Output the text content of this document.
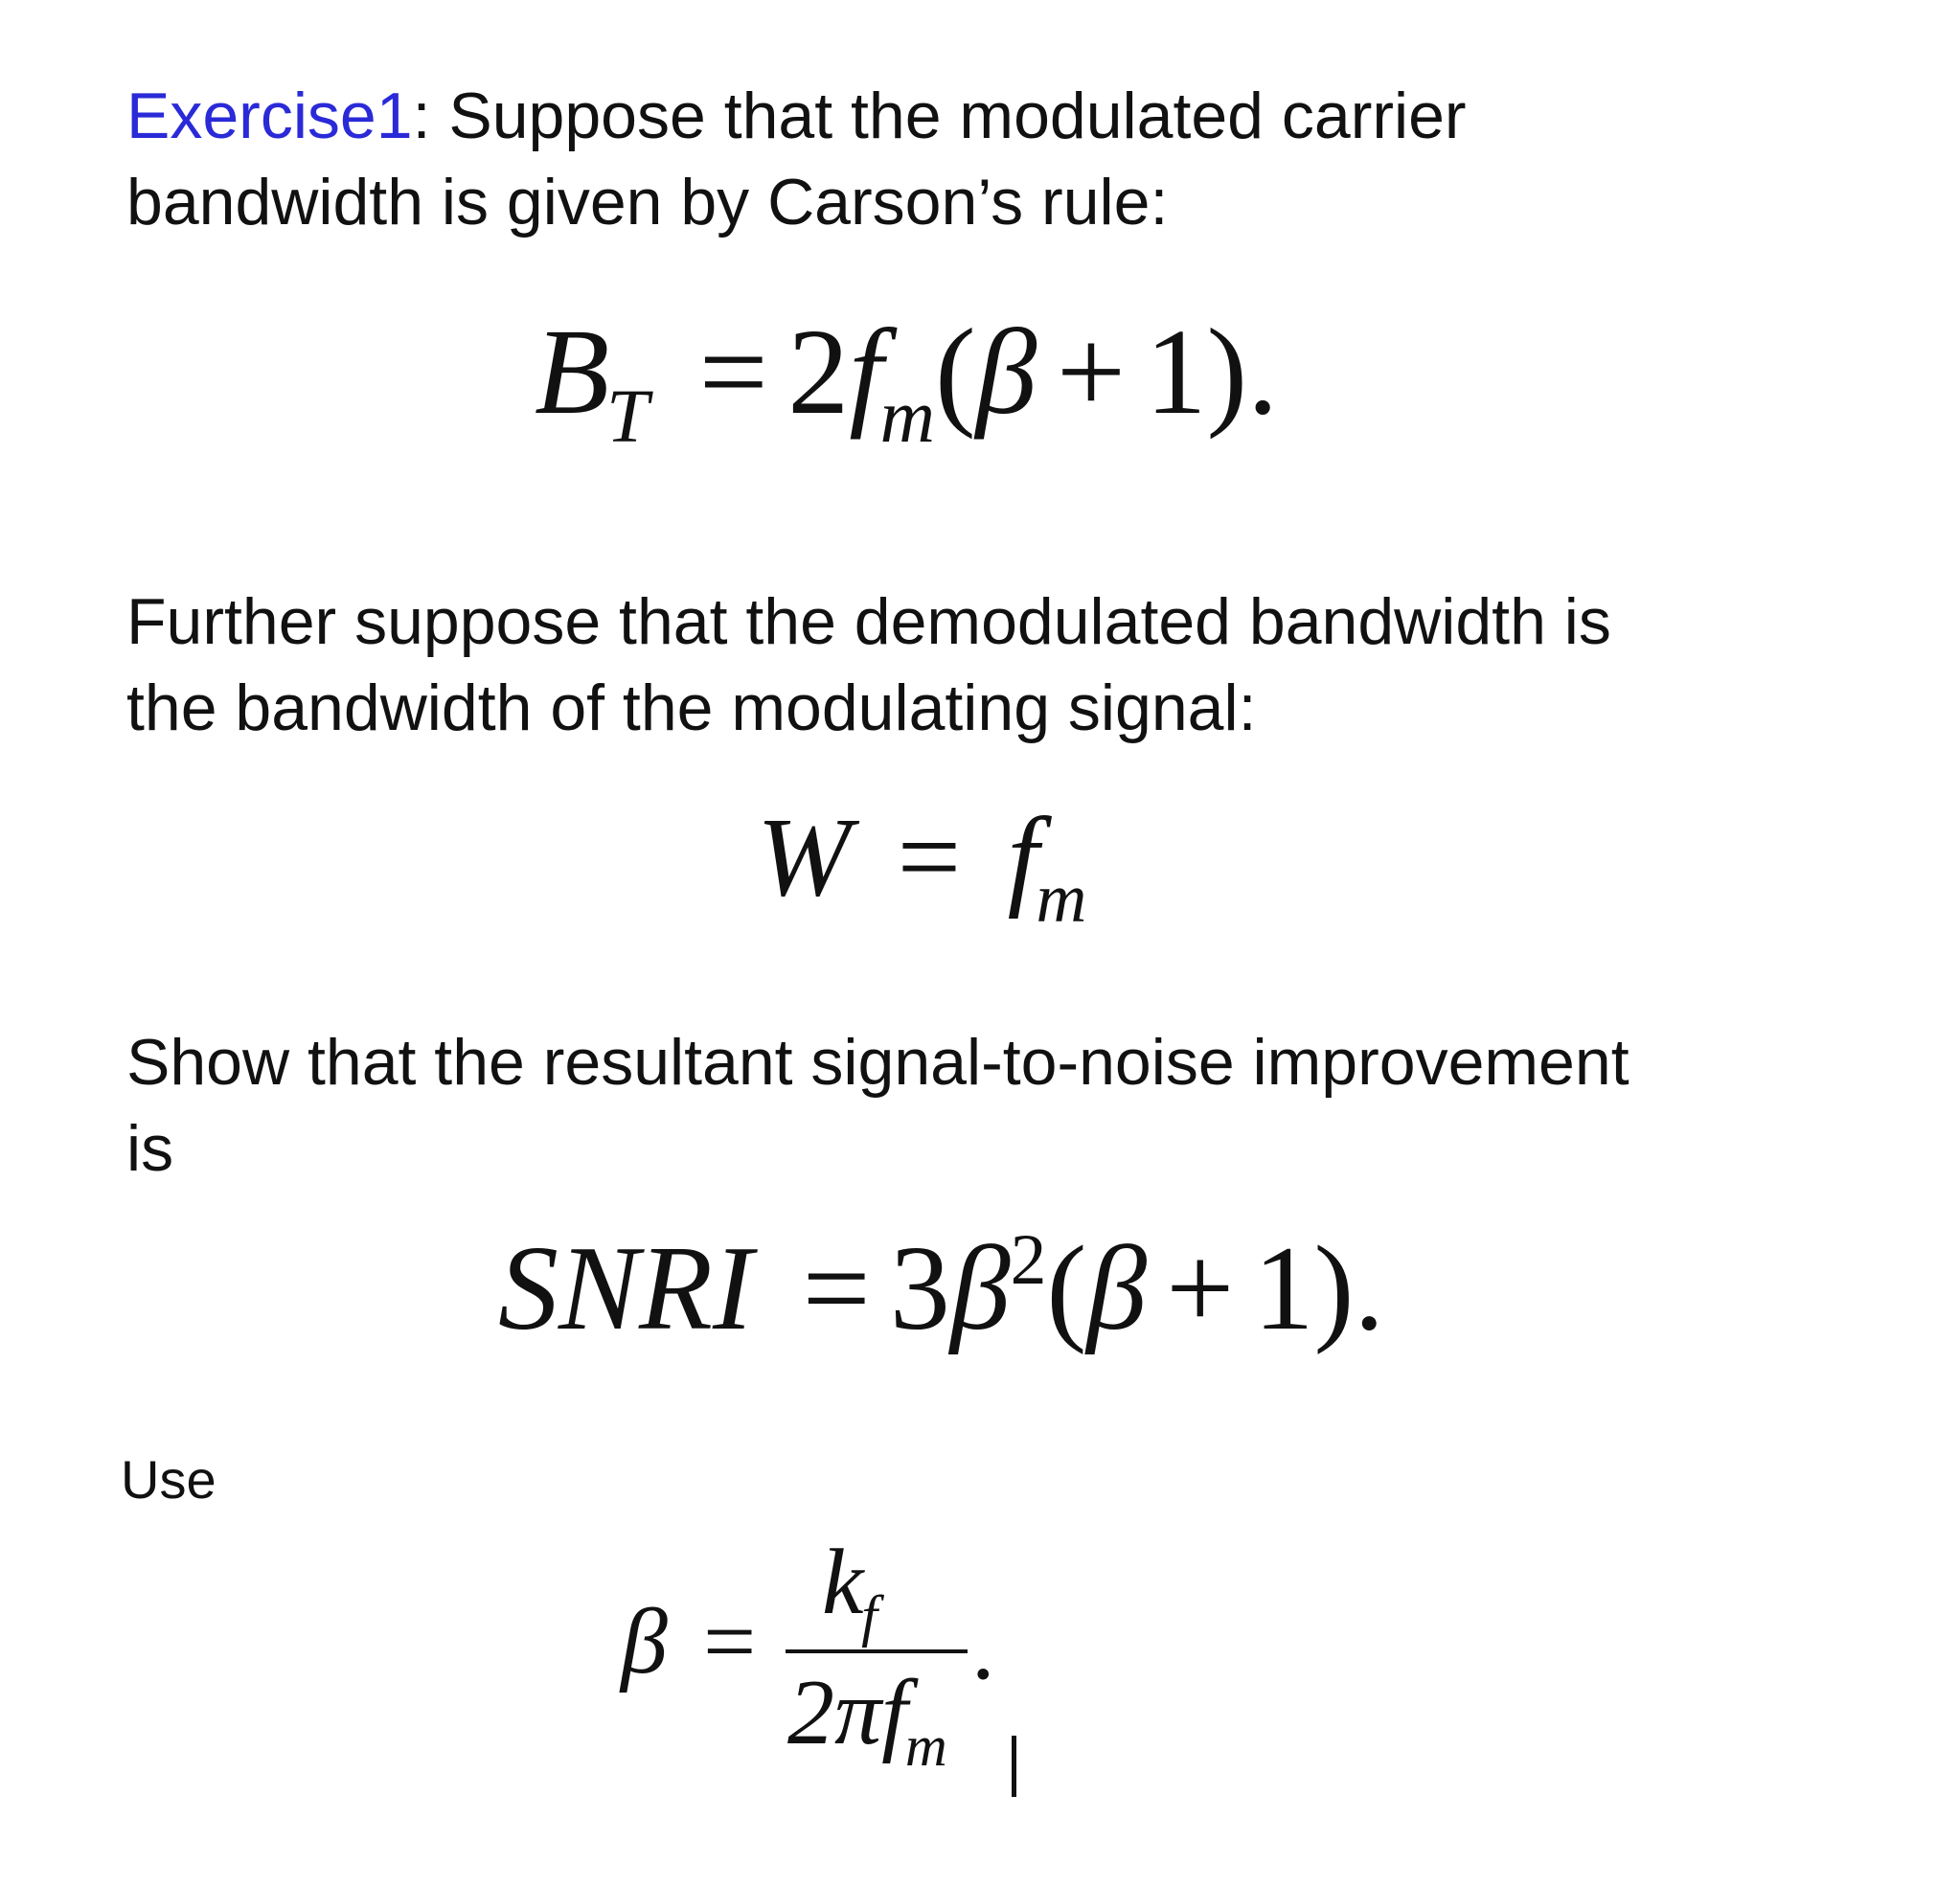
Exercise1: Suppose that the modulated carrier

bandwidth is given by Carson’s rule:

$B_T = 2f_m(\beta + 1)$.

Further suppose that the demodulated bandwidth is

the bandwidth of the modulating signal:

$W = f_m$

Show that the resultant signal-to-noise improvement

is

SNRI = $3\beta^2(\beta + 1)$.

Use

β =
$k_f$
$2\pi f_m$
.
